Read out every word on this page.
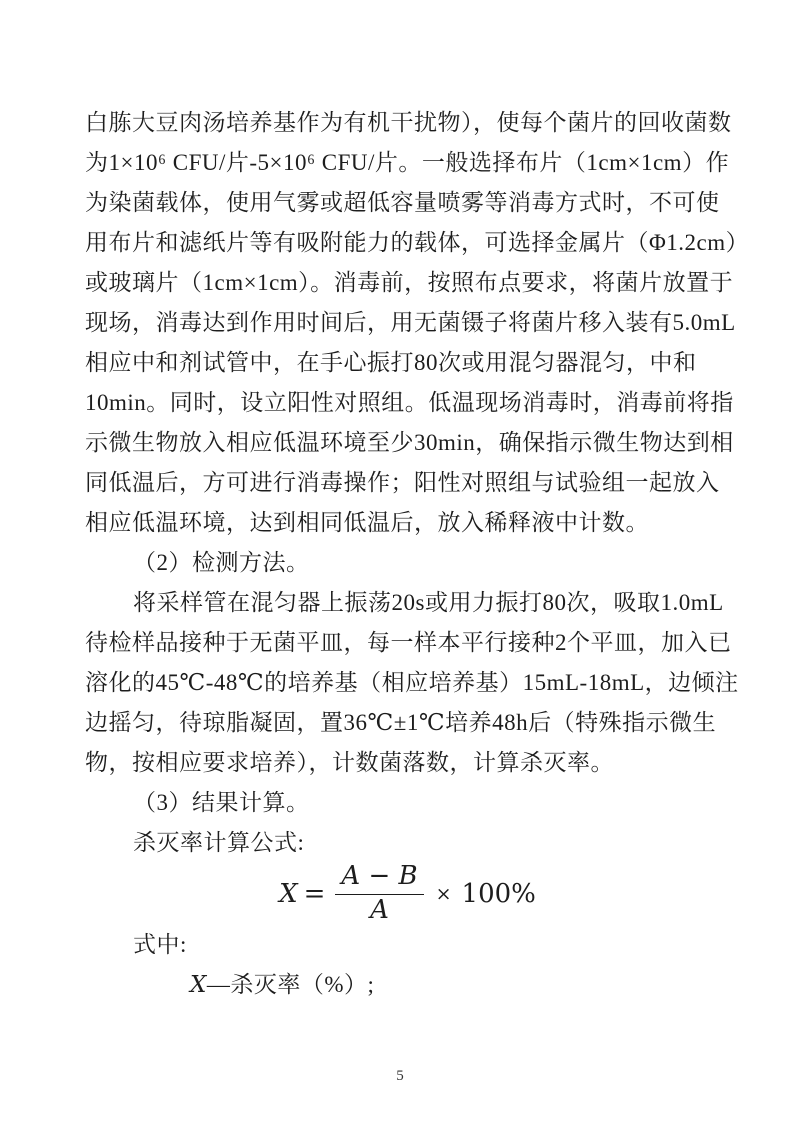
白胨大豆肉汤培养基作为有机干扰物），使每个菌片的回收菌数

为1×10⁶ CFU/片-5×10⁶ CFU/片。一般选择布片（1cm×1cm）作

为染菌载体，使用气雾或超低容量喷雾等消毒方式时，不可使

用布片和滤纸片等有吸附能力的载体，可选择金属片（Φ1.2cm）

或玻璃片（1cm×1cm）。消毒前，按照布点要求，将菌片放置于

现场，消毒达到作用时间后，用无菌镊子将菌片移入装有5.0mL

相应中和剂试管中，在手心振打80次或用混匀器混匀，中和

10min。同时，设立阳性对照组。低温现场消毒时，消毒前将指

示微生物放入相应低温环境至少30min，确保指示微生物达到相

同低温后，方可进行消毒操作；阳性对照组与试验组一起放入

相应低温环境，达到相同低温后，放入稀释液中计数。

（2）检测方法。

将采样管在混匀器上振荡20s或用力振打80次，吸取1.0mL

待检样品接种于无菌平皿，每一样本平行接种2个平皿，加入已

溶化的45℃-48℃的培养基（相应培养基）15mL-18mL，边倾注

边摇匀，待琼脂凝固，置36℃±1℃培养48h后（特殊指示微生

物，按相应要求培养），计数菌落数，计算杀灭率。

（3）结果计算。

杀灭率计算公式:

$X = \frac{A - B}{A} \times 100\%$

式中:

X—杀灭率（%）;

5
